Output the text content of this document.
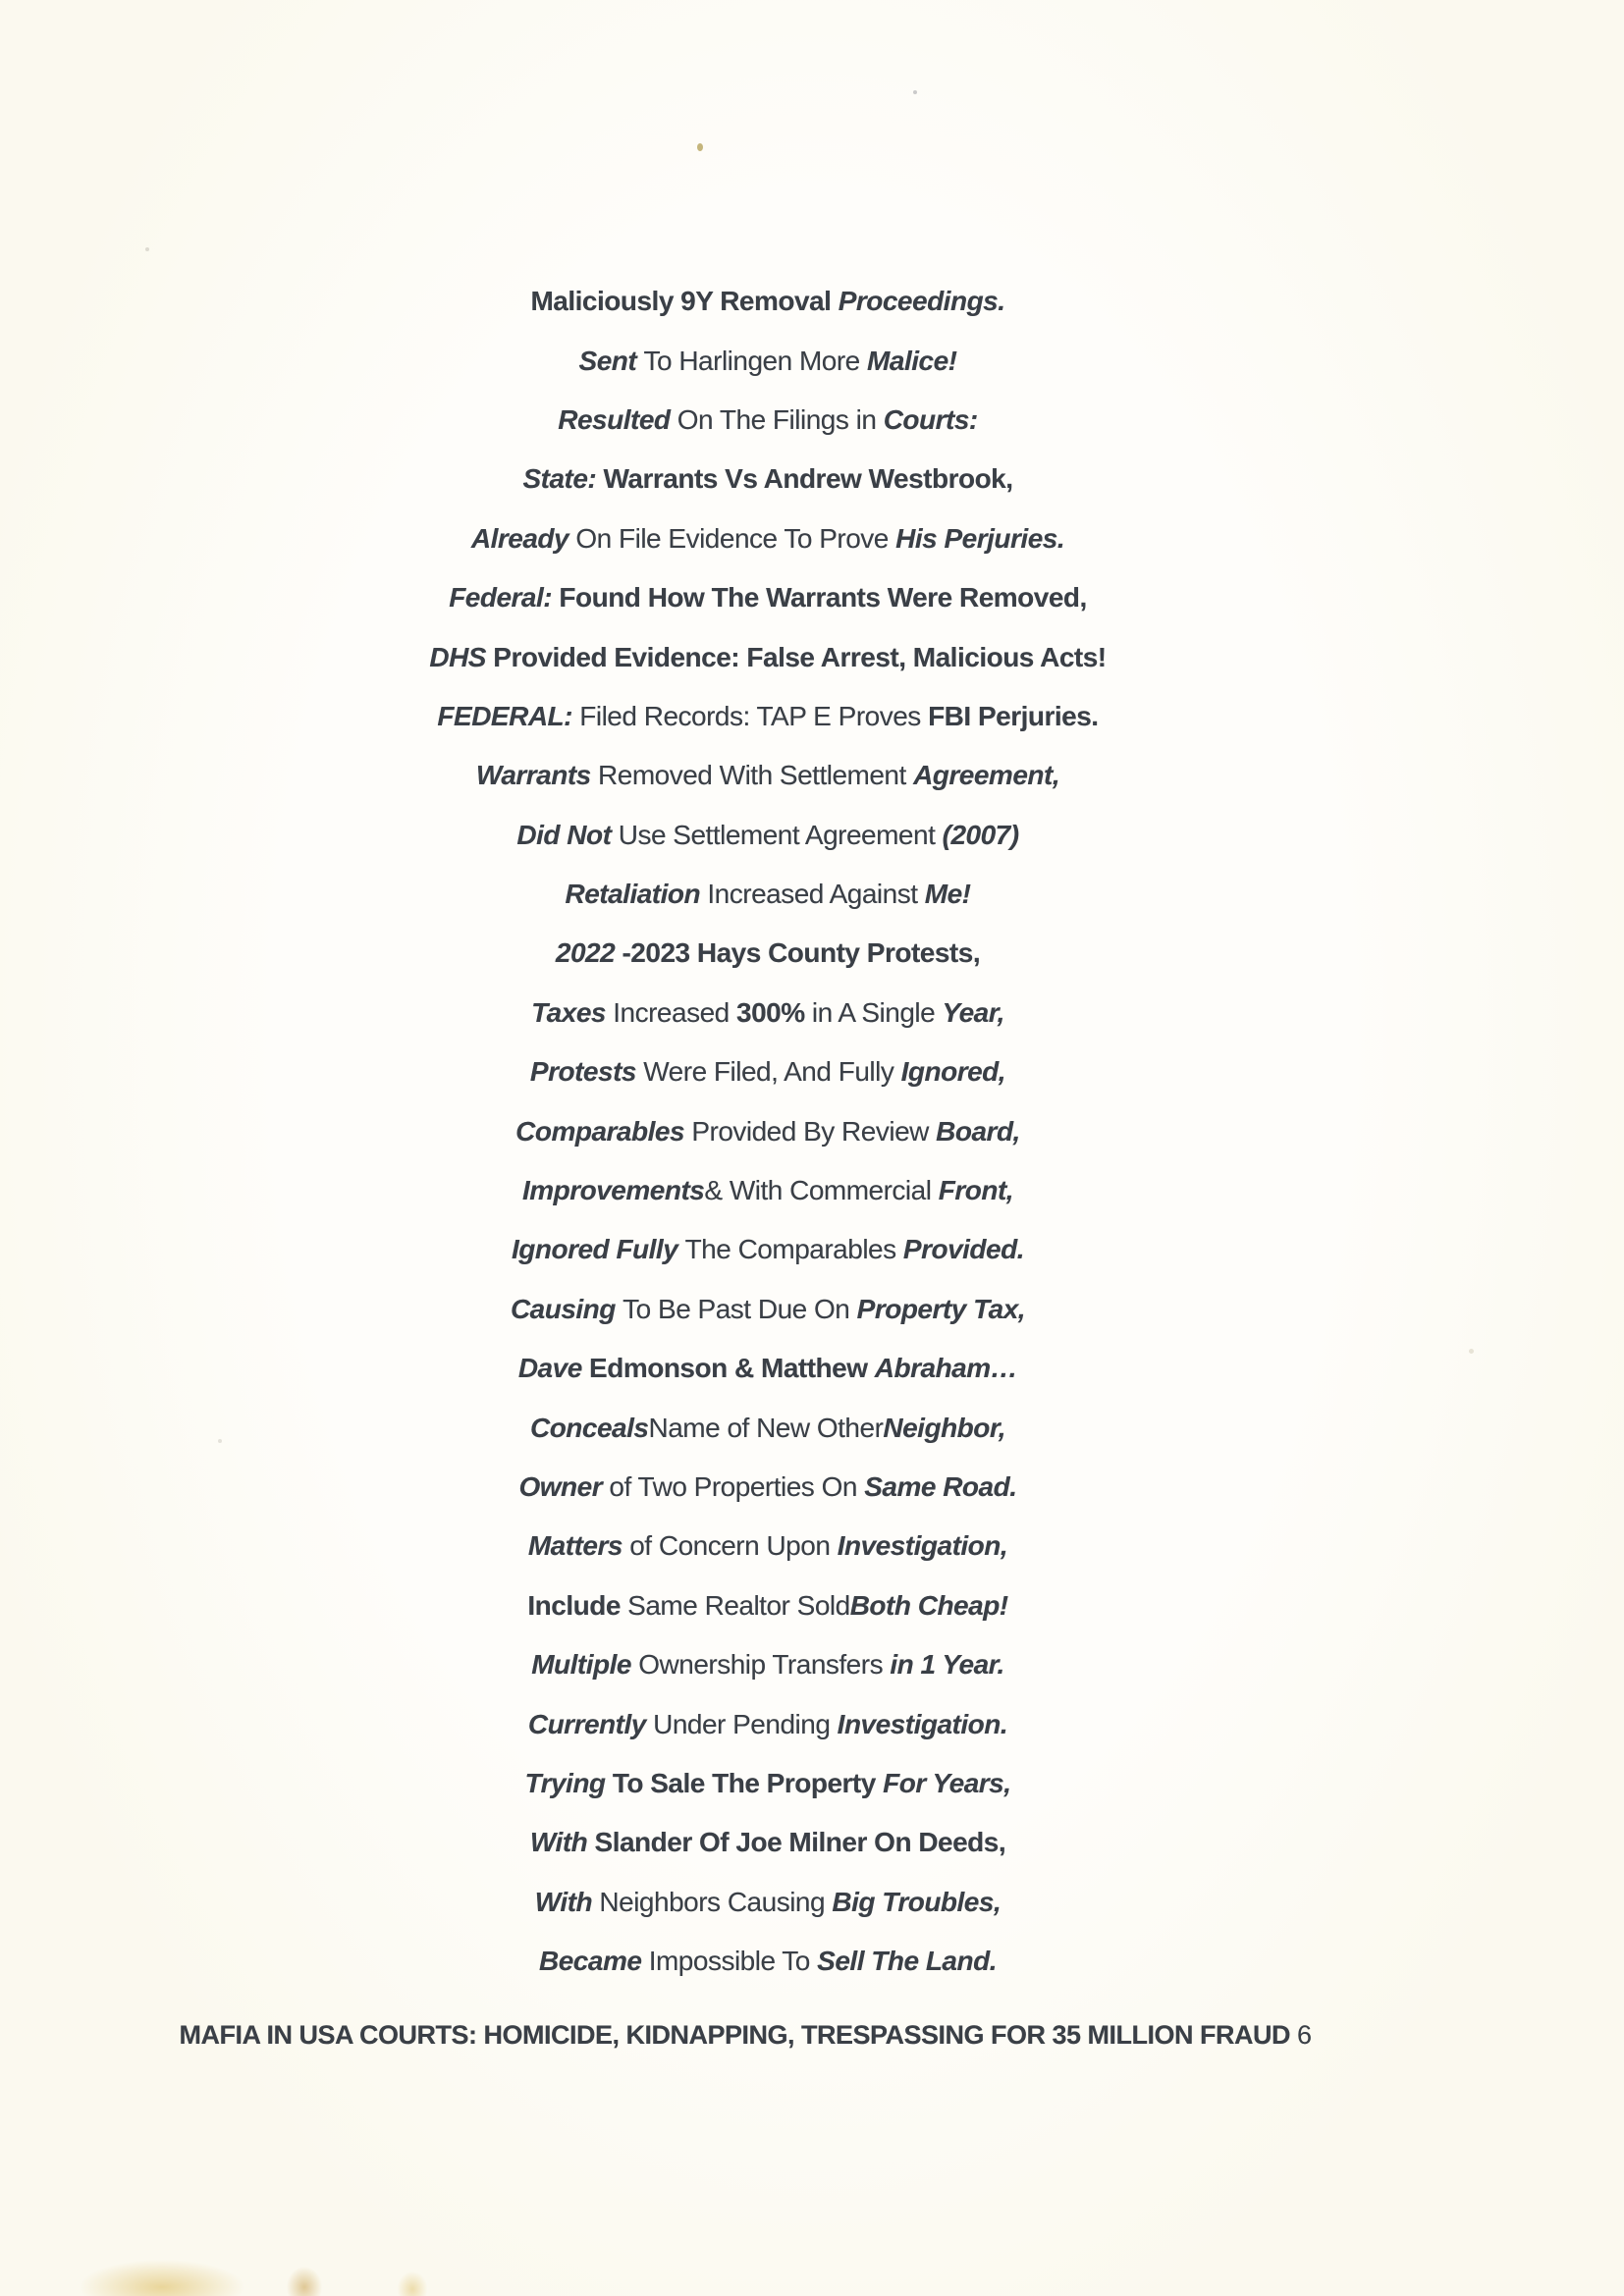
Maliciously 9Y Removal Proceedings.
Sent To Harlingen More Malice!
Resulted On The Filings in Courts:
State: Warrants Vs Andrew Westbrook,
Already On File Evidence To Prove His Perjuries.
Federal: Found How The Warrants Were Removed,
DHS Provided Evidence: False Arrest, Malicious Acts!
FEDERAL: Filed Records: TAP E Proves FBI Perjuries.
Warrants Removed With Settlement Agreement,
Did Not Use Settlement Agreement (2007)
Retaliation Increased Against Me!
2022 -2023 Hays County Protests,
Taxes Increased 300% in A Single Year,
Protests Were Filed, And Fully Ignored,
Comparables Provided By Review Board,
Improvements & With Commercial Front,
Ignored Fully The Comparables Provided.
Causing To Be Past Due On Property Tax,
Dave Edmonson & Matthew Abraham…
Conceals Name of New Other Neighbor,
Owner of Two Properties On Same Road.
Matters of Concern Upon Investigation,
Include Same Realtor Sold Both Cheap!
Multiple Ownership Transfers in 1 Year.
Currently Under Pending Investigation.
Trying To Sale The Property For Years,
With Slander Of Joe Milner On Deeds,
With Neighbors Causing Big Troubles,
Became Impossible To Sell The Land.
MAFIA IN USA COURTS: HOMICIDE, KIDNAPPING, TRESPASSING FOR 35 MILLION FRAUD 6
